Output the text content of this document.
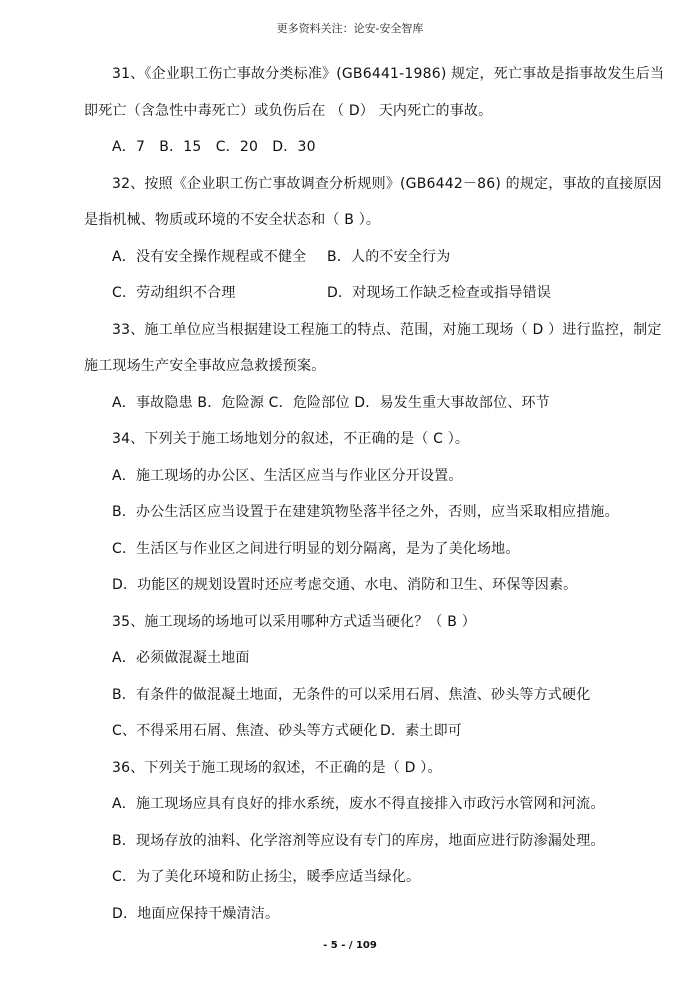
更多资料关注：论安-安全智库
31、《企业职工伤亡事故分类标准》(GB6441-1986) 规定，死亡事故是指事故发生后当
即死亡（含急性中毒死亡）或负伤后在 （ D） 天内死亡的事故。
A．7　B．15　C．20　D．30
32、按照《企业职工伤亡事故调查分析规则》(GB6442－86) 的规定，事故的直接原因
是指机械、物质或环境的不安全状态和（ B ）。
A．没有安全操作规程或不健全	B．人的不安全行为
C．劳动组织不合理	D．对现场工作缺乏检查或指导错误
33、施工单位应当根据建设工程施工的特点、范围，对施工现场（ D ）进行监控，制定
施工现场生产安全事故应急救援预案。
A．事故隐患 B．危险源 C．危险部位 D．易发生重大事故部位、环节
34、下列关于施工场地划分的叙述，不正确的是（ C ）。
A．施工现场的办公区、生活区应当与作业区分开设置。
B．办公生活区应当设置于在建建筑物坠落半径之外，否则，应当采取相应措施。
C．生活区与作业区之间进行明显的划分隔离，是为了美化场地。
D．功能区的规划设置时还应考虑交通、水电、消防和卫生、环保等因素。
35、施工现场的场地可以采用哪种方式适当硬化？（ B ）
A．必须做混凝土地面
B．有条件的做混凝土地面，无条件的可以采用石屑、焦渣、砂头等方式硬化
C、不得采用石屑、焦渣、砂头等方式硬化 D．素土即可
36、下列关于施工现场的叙述，不正确的是（ D ）。
A．施工现场应具有良好的排水系统，废水不得直接排入市政污水管网和河流。
B．现场存放的油料、化学溶剂等应设有专门的库房，地面应进行防渗漏处理。
C．为了美化环境和防止扬尘，暖季应适当绿化。
D．地面应保持干燥清洁。
- 5 - / 109
